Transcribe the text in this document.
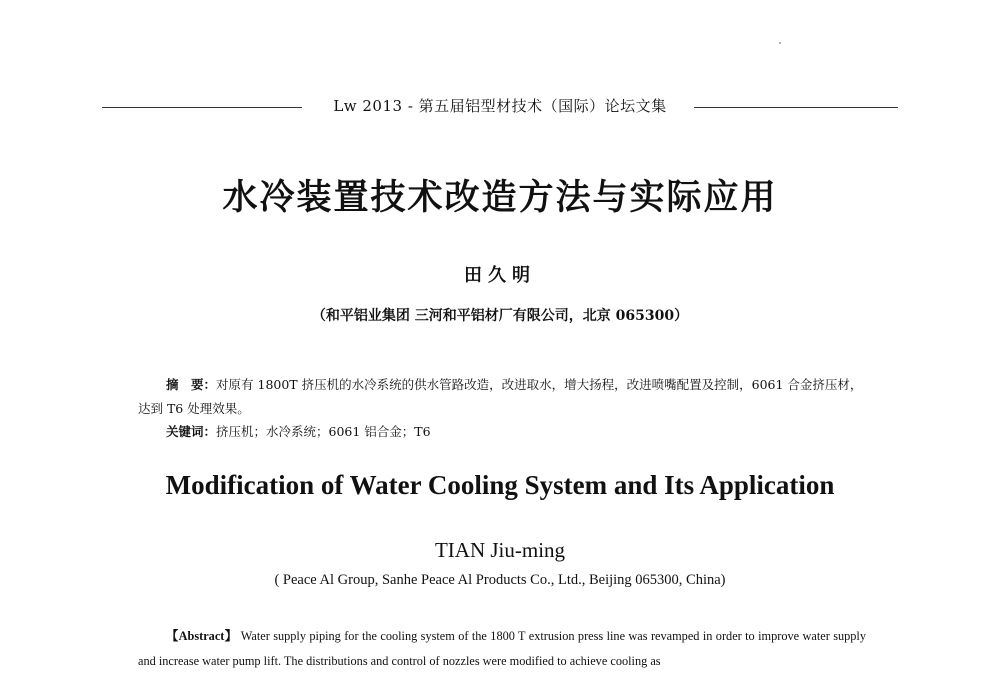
Lw 2013 - 第五届铝型材技术（国际）论坛文集
水冷装置技术改造方法与实际应用
田久明
（和平铝业集团 三河和平铝材厂有限公司，北京 065300）
摘　要：对原有 1800T 挤压机的水冷系统的供水管路改造，改进取水，增大扬程，改进喷嘴配置及控制，6061 合金挤压材，达到 T6 处理效果。
关键词：挤压机；水冷系统；6061 铝合金；T6
Modification of Water Cooling System and Its Application
TIAN Jiu-ming
( Peace Al Group, Sanhe Peace Al Products Co., Ltd., Beijing 065300, China)
【Abstract】 Water supply piping for the cooling system of the 1800 T extrusion press line was revamped in order to improve water supply and increase water pump lift. The distributions and control of nozzles were modified to achieve cooling as
